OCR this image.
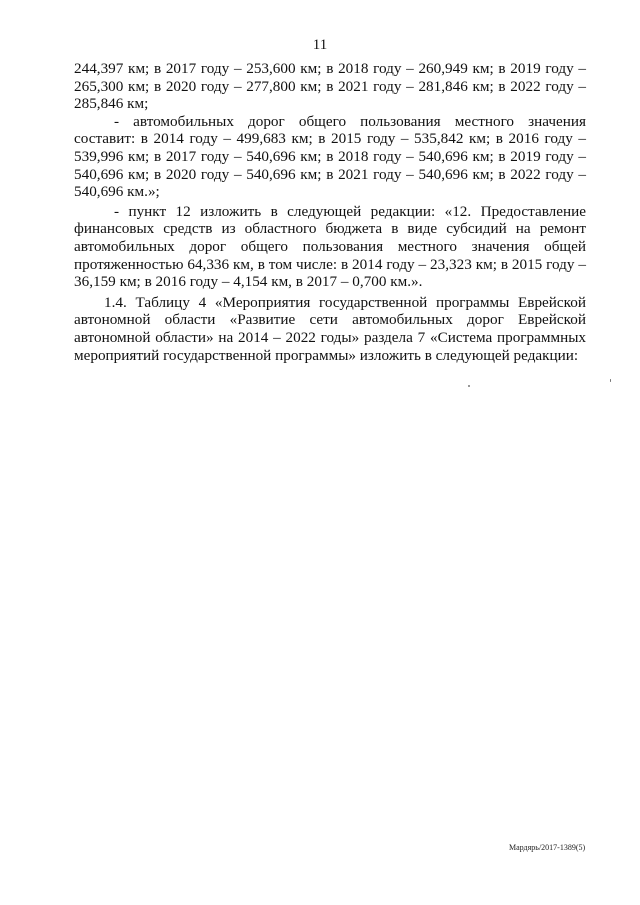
11

244,397 км; в 2017 году – 253,600 км; в 2018 году – 260,949 км; в 2019 году – 265,300 км; в 2020 году – 277,800 км; в 2021 году – 281,846 км; в 2022 году – 285,846 км;

- автомобильных дорог общего пользования местного значения составит: в 2014 году – 499,683 км; в 2015 году – 535,842 км; в 2016 году – 539,996 км; в 2017 году – 540,696 км; в 2018 году – 540,696 км; в 2019 году – 540,696 км; в 2020 году – 540,696 км; в 2021 году – 540,696 км; в 2022 году – 540,696 км.»;

- пункт 12 изложить в следующей редакции: «12. Предоставление финансовых средств из областного бюджета в виде субсидий на ремонт автомобильных дорог общего пользования местного значения общей протяженностью 64,336 км, в том числе: в 2014 году – 23,323 км; в 2015 году – 36,159 км; в 2016 году – 4,154 км, в 2017 – 0,700 км.».

1.4. Таблицу 4 «Мероприятия государственной программы Еврейской автономной области «Развитие сети автомобильных дорог Еврейской автономной области» на 2014 – 2022 годы» раздела 7 «Система программных мероприятий государственной программы» изложить в следующей редакции:

Мардярь/2017-1389(5)
